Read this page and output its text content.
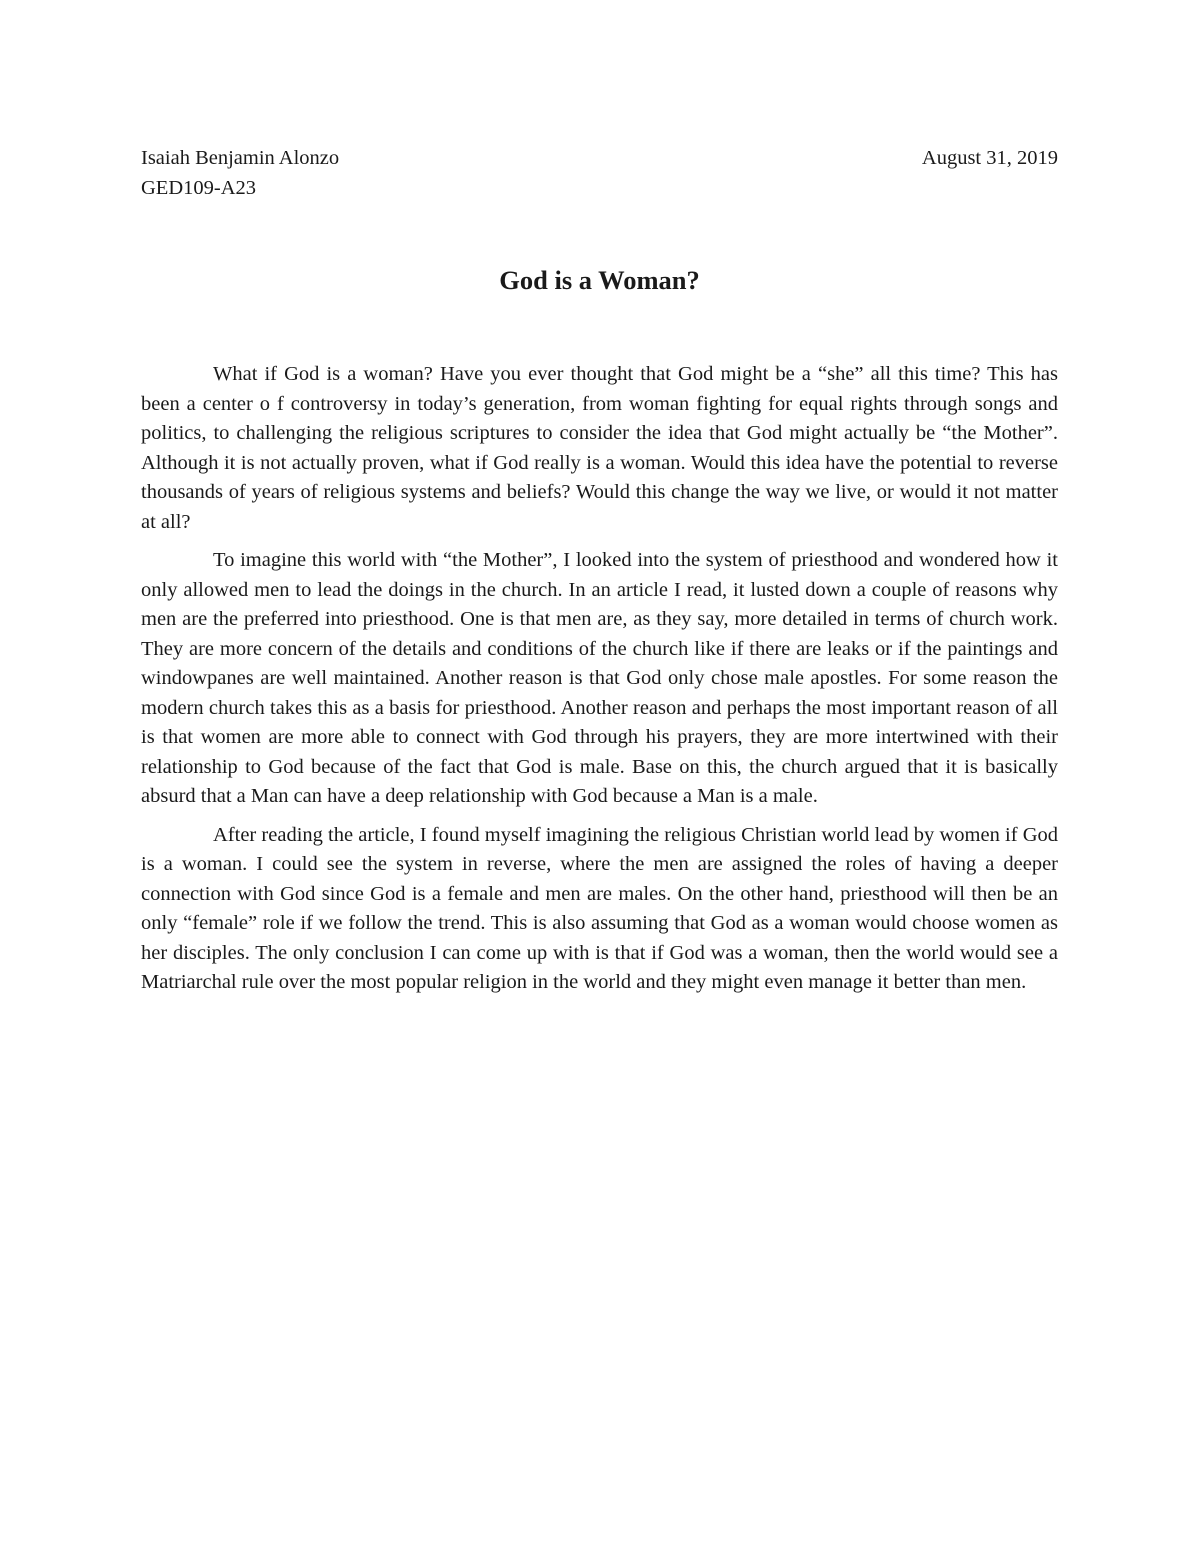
Isaiah Benjamin Alonzo	August 31, 2019
GED109-A23
God is a Woman?

What if God is a woman? Have you ever thought that God might be a “she” all this time? This has been a center o f controversy in today’s generation, from woman fighting for equal rights through songs and politics, to challenging the religious scriptures to consider the idea that God might actually be “the Mother”. Although it is not actually proven, what if God really is a woman. Would this idea have the potential to reverse thousands of years of religious systems and beliefs? Would this change the way we live, or would it not matter at all?

To imagine this world with “the Mother”, I looked into the system of priesthood and wondered how it only allowed men to lead the doings in the church. In an article I read, it lusted down a couple of reasons why men are the preferred into priesthood. One is that men are, as they say, more detailed in terms of church work. They are more concern of the details and conditions of the church like if there are leaks or if the paintings and windowpanes are well maintained. Another reason is that God only chose male apostles. For some reason the modern church takes this as a basis for priesthood. Another reason and perhaps the most important reason of all is that women are more able to connect with God through his prayers, they are more intertwined with their relationship to God because of the fact that God is male. Base on this, the church argued that it is basically absurd that a Man can have a deep relationship with God because a Man is a male.

After reading the article, I found myself imagining the religious Christian world lead by women if God is a woman. I could see the system in reverse, where the men are assigned the roles of having a deeper connection with God since God is a female and men are males. On the other hand, priesthood will then be an only “female” role if we follow the trend. This is also assuming that God as a woman would choose women as her disciples. The only conclusion I can come up with is that if God was a woman, then the world would see a Matriarchal rule over the most popular religion in the world and they might even manage it better than men.
